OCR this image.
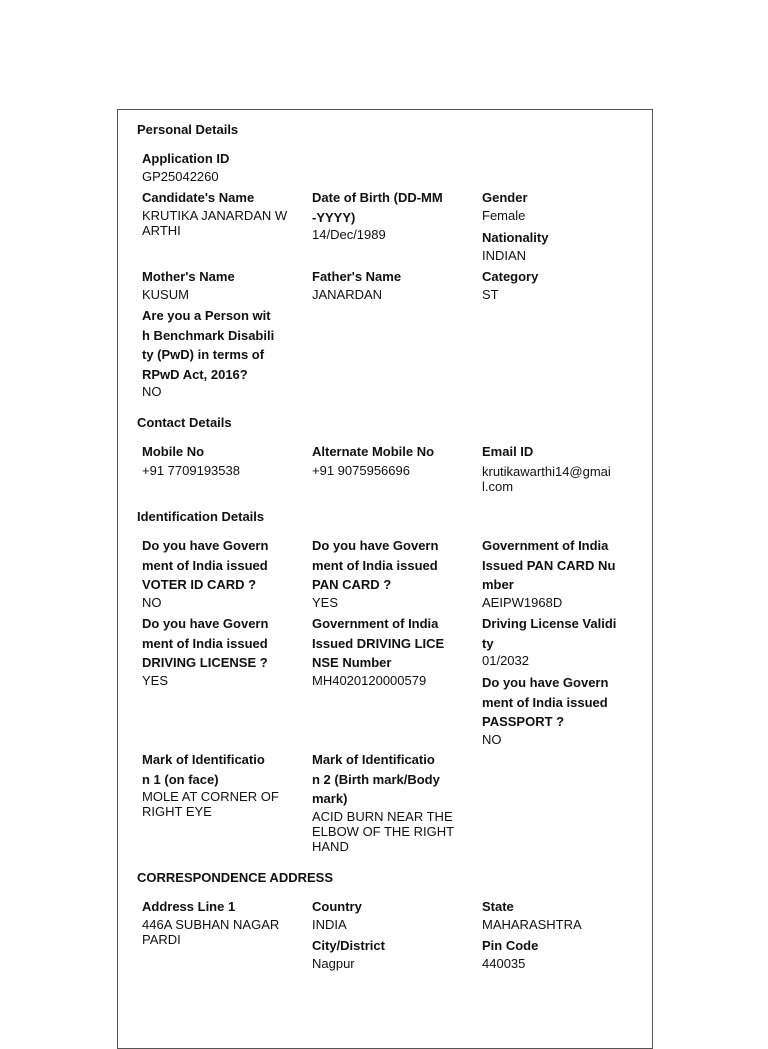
Personal Details
Application ID
GP25042260
Candidate's Name
KRUTIKA JANARDAN W
ARTHI
Date of Birth (DD-MM
-YYYY)
14/Dec/1989
Gender
Female
Nationality
INDIAN
Mother's Name
KUSUM
Father's Name
JANARDAN
Category
ST
Are you a Person wit
h Benchmark Disabili
ty (PwD) in terms of
RPwD Act, 2016?
NO
Contact Details
Mobile No
+91 7709193538
Alternate Mobile No
+91 9075956696
Email ID
krutikawarthi14@gmai
l.com
Identification Details
Do you have Govern
ment of India issued
VOTER ID CARD ?
NO
Do you have Govern
ment of India issued
PAN CARD ?
YES
Government of India
Issued PAN CARD Nu
mber
AEIPW1968D
Do you have Govern
ment of India issued
DRIVING LICENSE ?
YES
Government of India
Issued DRIVING LICE
NSE Number
MH4020120000579
Driving License Validi
ty
01/2032
Do you have Govern
ment of India issued
PASSPORT ?
NO
Mark of Identificatio
n 1 (on face)
MOLE AT CORNER OF
RIGHT EYE
Mark of Identificatio
n 2 (Birth mark/Body
mark)
ACID BURN NEAR THE
ELBOW OF THE RIGHT
HAND
CORRESPONDENCE ADDRESS
Address Line 1
446A SUBHAN NAGAR
PARDI
Country
INDIA
State
MAHARASHTRA
City/District
Nagpur
Pin Code
440035
